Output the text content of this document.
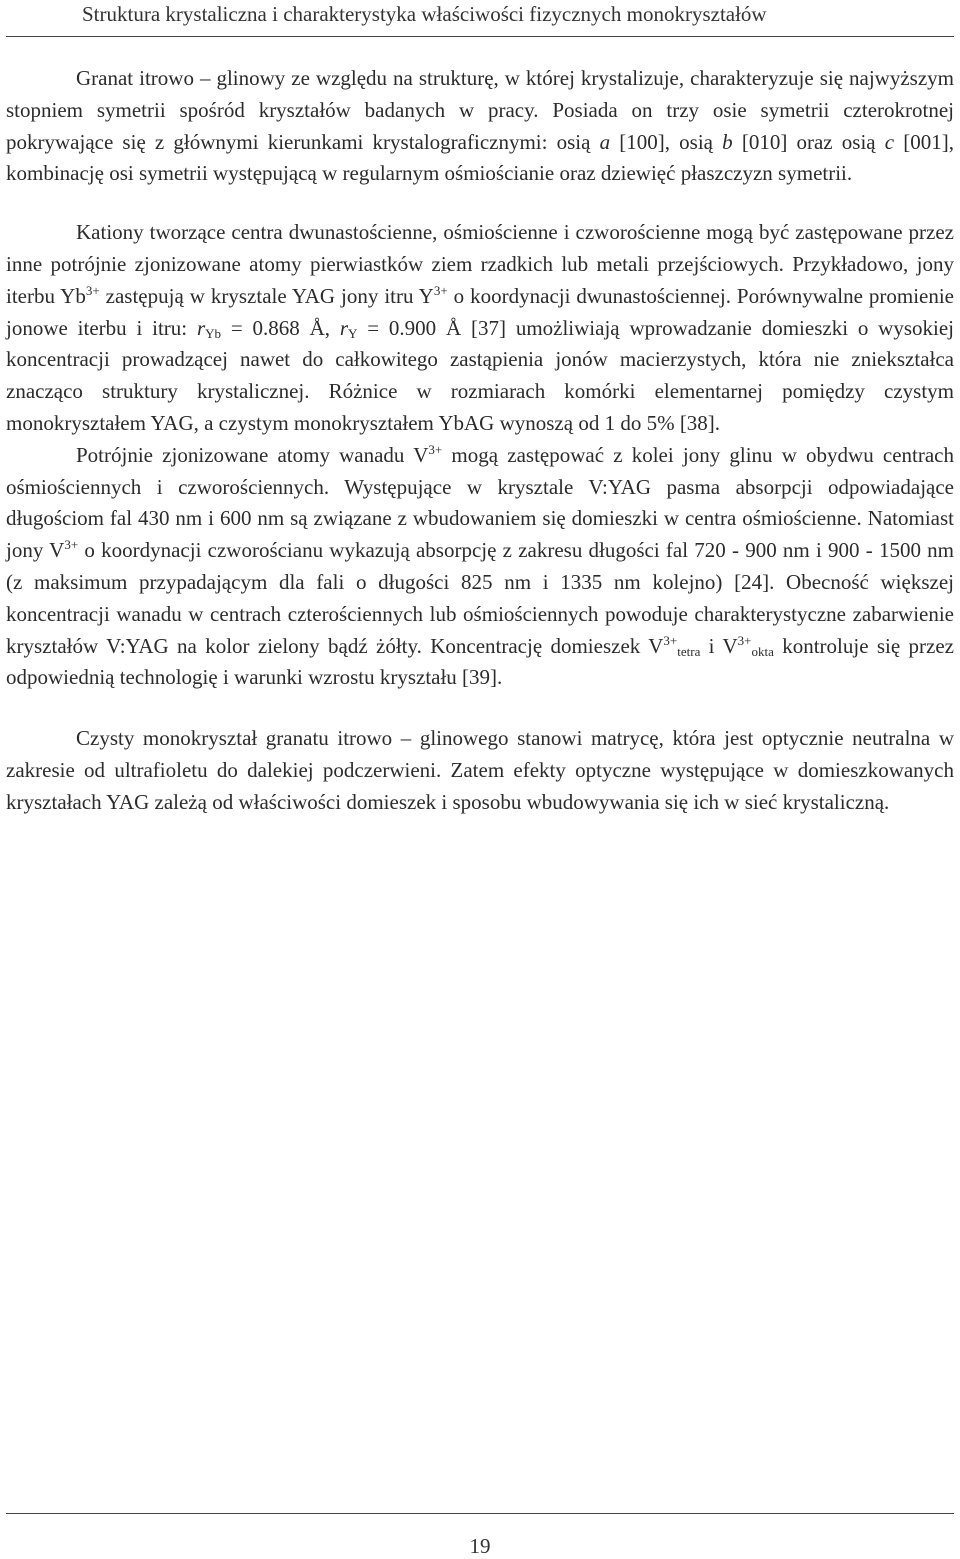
Struktura krystaliczna i charakterystyka właściwości fizycznych monokryształów

Granat itrowo – glinowy ze względu na strukturę, w której krystalizuje, charakteryzuje się najwyższym stopniem symetrii spośród kryształów badanych w pracy. Posiada on trzy osie symetrii czterokrotnej pokrywające się z głównymi kierunkami krystalograficznymi: osią a [100], osią b [010] oraz osią c [001], kombinację osi symetrii występującą w regularnym ośmiościanie oraz dziewięć płaszczyzn symetrii.

Kationy tworzące centra dwunastościenne, ośmiościenne i czworościenne mogą być zastępowane przez inne potrójnie zjonizowane atomy pierwiastków ziem rzadkich lub metali przejściowych. Przykładowo, jony iterbu $Yb^{3+}$ zastępują w krysztale YAG jony itru $Y^{3+}$ o koordynacji dwunastościennej. Porównywalne promienie jonowe iterbu i itru: $r_{Yb} = 0.868$ Å, $r_Y = 0.900$ Å [37] umożliwiają wprowadzanie domieszki o wysokiej koncentracji prowadzącej nawet do całkowitego zastąpienia jonów macierzystych, która nie zniekształca znacząco struktury krystalicznej. Różnice w rozmiarach komórki elementarnej pomiędzy czystym monokryształem YAG, a czystym monokryształem YbAG wynoszą od 1 do 5% [38].

Potrójnie zjonizowane atomy wanadu $V^{3+}$ mogą zastępować z kolei jony glinu w obydwu centrach ośmiościennych i czworościennych. Występujące w krysztale V:YAG pasma absorpcji odpowiadające długościom fal 430 nm i 600 nm są związane z wbudowaniem się domieszki w centra ośmiościenne. Natomiast jony $V^{3+}$ o koordynacji czworościanu wykazują absorpcję z zakresu długości fal 720 - 900 nm i 900 - 1500 nm (z maksimum przypadającym dla fali o długości 825 nm i 1335 nm kolejno) [24]. Obecność większej koncentracji wanadu w centrach czterościennych lub ośmiościennych powoduje charakterystyczne zabarwienie kryształów V:YAG na kolor zielony bądź żółty. Koncentrację domieszek $V^{3+}_{tetra}$ i $V^{3+}_{okta}$ kontroluje się przez odpowiednią technologię i warunki wzrostu kryształu [39].

Czysty monokryształ granatu itrowo – glinowego stanowi matrycę, która jest optycznie neutralna w zakresie od ultrafioletu do dalekiej podczerwieni. Zatem efekty optyczne występujące w domieszkowanych kryształach YAG zależą od właściwości domieszek i sposobu wbudowywania się ich w sieć krystaliczną.

19
